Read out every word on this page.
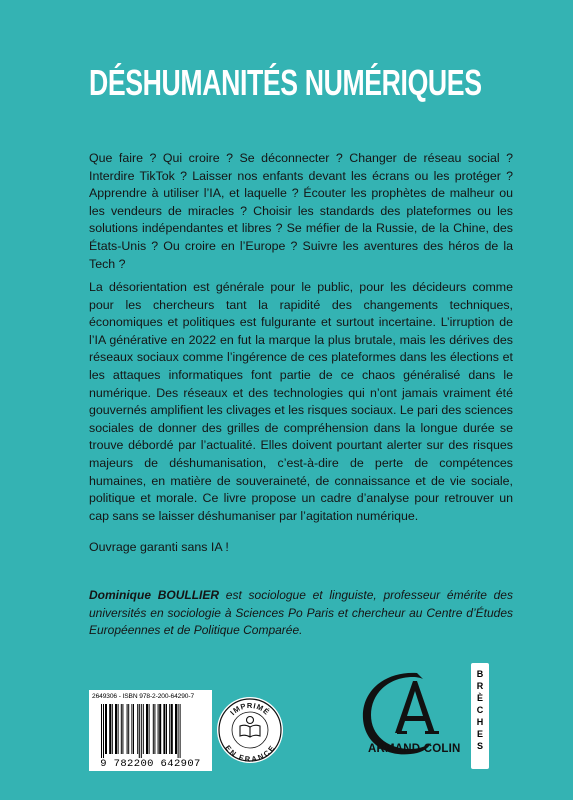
DÉSHUMANITÉS NUMÉRIQUES

Que faire ? Qui croire ? Se déconnecter ? Changer de réseau social ? Interdire TikTok ? Laisser nos enfants devant les écrans ou les protéger ? Apprendre à utiliser l’IA, et laquelle ? Écouter les prophètes de malheur ou les vendeurs de miracles ? Choisir les standards des plateformes ou les solutions indépendantes et libres ? Se méfier de la Russie, de la Chine, des États-Unis ? Ou croire en l’Europe ? Suivre les aventures des héros de la Tech ?

La désorientation est générale pour le public, pour les décideurs comme pour les chercheurs tant la rapidité des changements techniques, économiques et politiques est fulgurante et surtout incertaine. L’irruption de l’IA générative en 2022 en fut la marque la plus brutale, mais les dérives des réseaux sociaux comme l’ingérence de ces plateformes dans les élections et les attaques informatiques font partie de ce chaos généralisé dans le numérique. Des réseaux et des technologies qui n’ont jamais vraiment été gouvernés amplifient les clivages et les risques sociaux. Le pari des sciences sociales de donner des grilles de compréhension dans la longue durée se trouve débordé par l’actualité. Elles doivent pourtant alerter sur des risques majeurs de déshumanisation, c’est-à-dire de perte de compétences humaines, en matière de souveraineté, de connaissance et de vie sociale, politique et morale. Ce livre propose un cadre d’analyse pour retrouver un cap sans se laisser déshumaniser par l’agitation numérique.

Ouvrage garanti sans IA !

Dominique BOULLIER est sociologue et linguiste, professeur émérite des universités en sociologie à Sciences Po Paris et chercheur au Centre d’Études Européennes et de Politique Comparée.
2649306 - ISBN 978-2-200-64290-7
9 782200 642907
IMPRIMÉ
EN FRANCE	ARMAND COLIN
B
R
È
C
H
E
S
